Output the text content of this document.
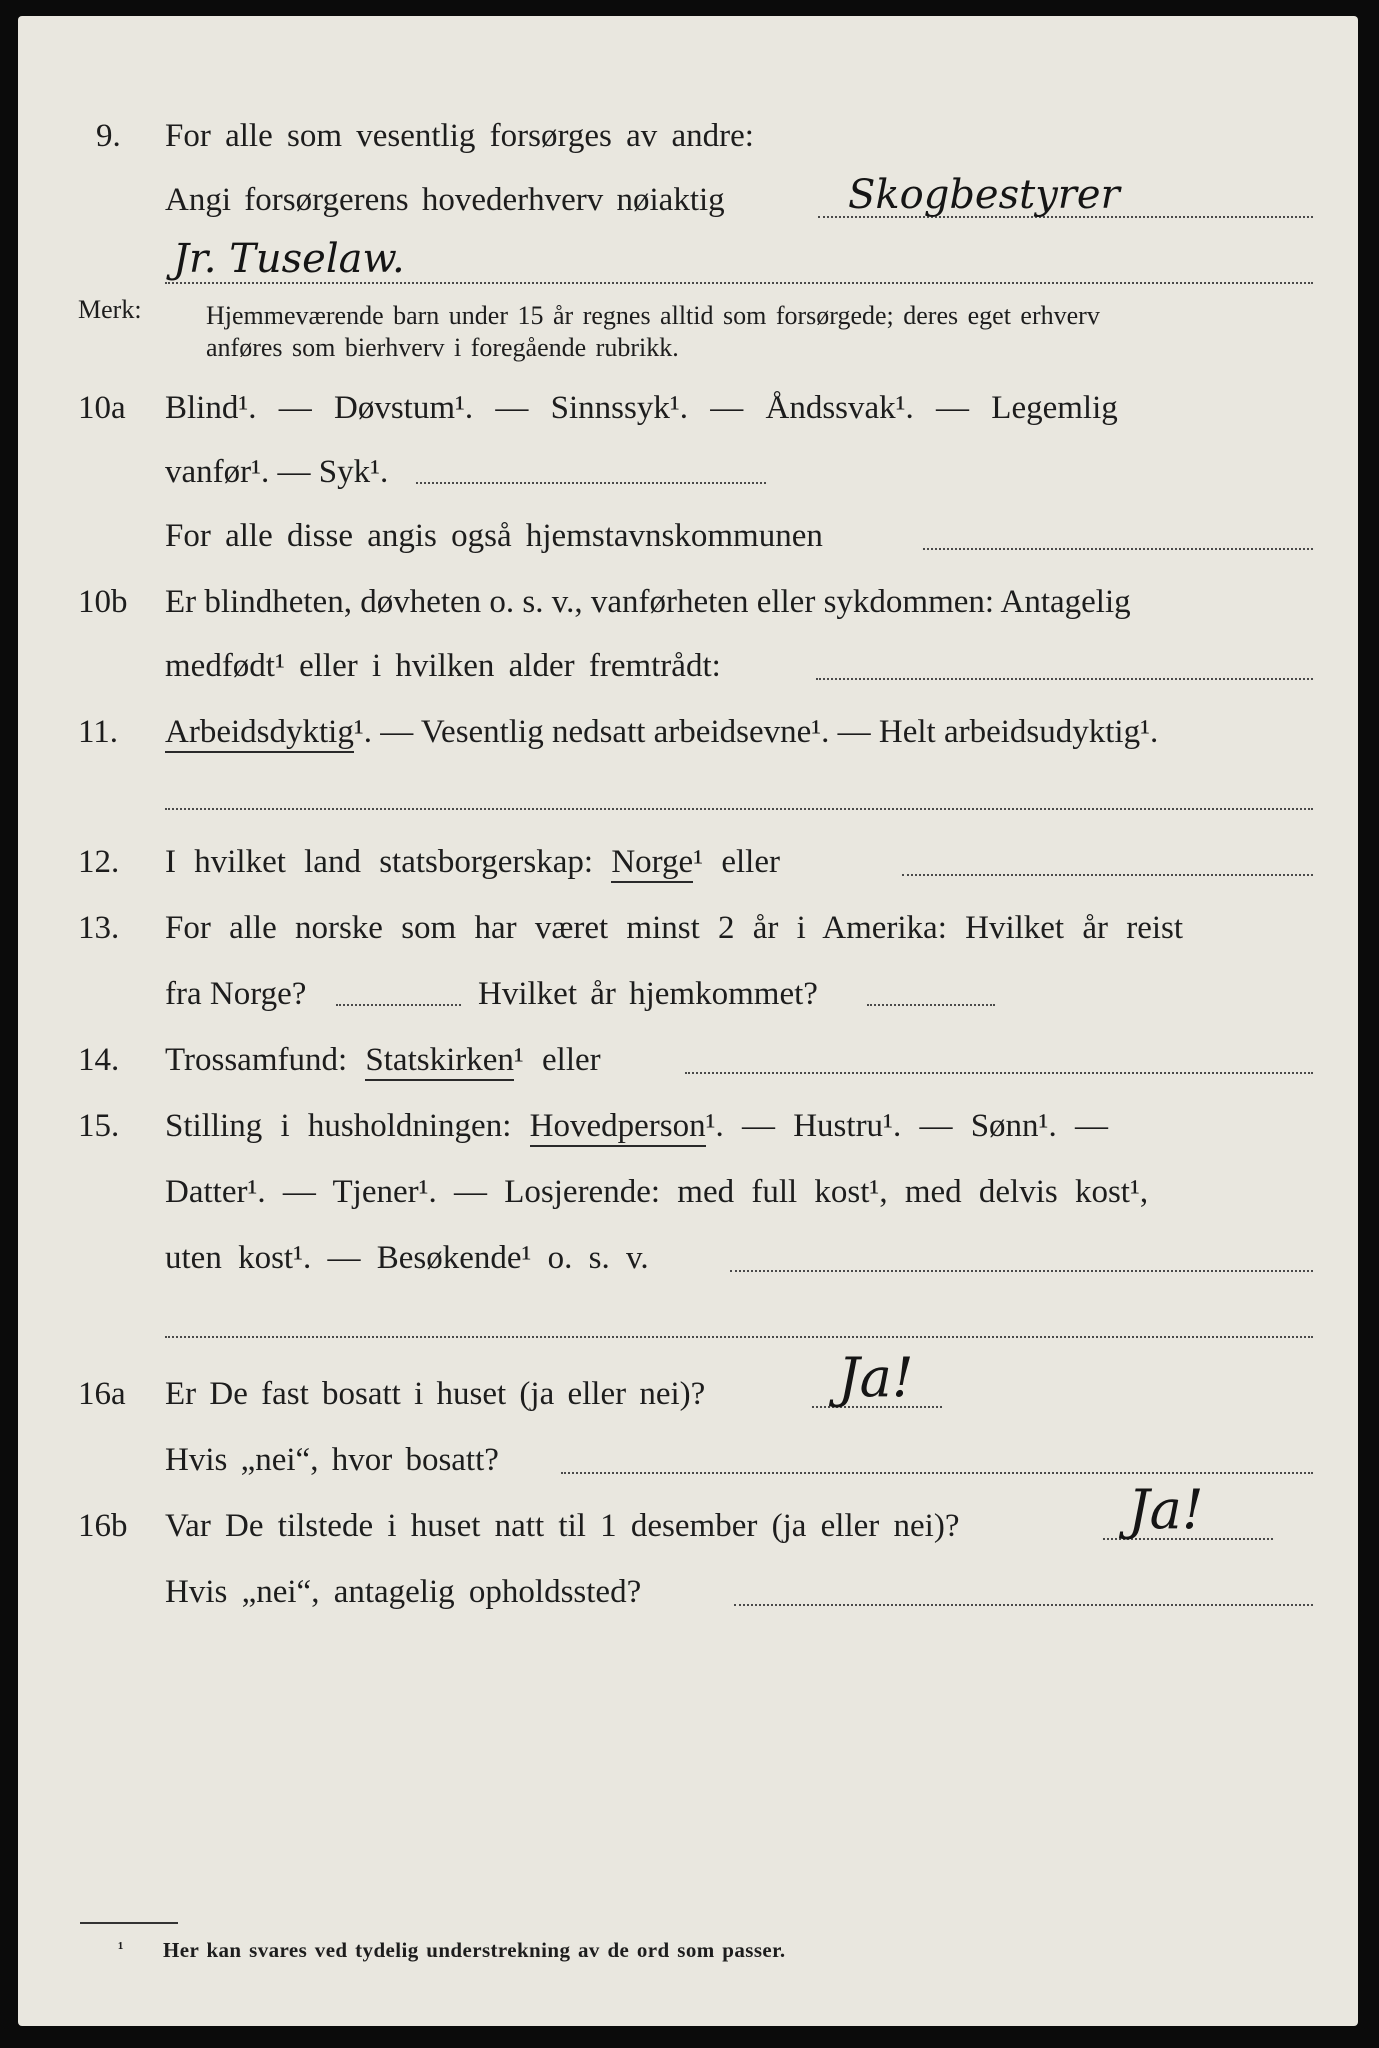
9. For alle som vesentlig forsørges av andre:
Angi forsørgerens hovederhverv nøiaktig	Skogbestyrer
Jr. Tuselaw.
Merk: Hjemmeværende barn under 15 år regnes alltid som forsørgede; deres eget erhverv
anføres som bierhverv i foregående rubrikk.
10a Blind¹. — Døvstum¹. — Sinnssyk¹. — Åndssvak¹. — Legemlig
vanfør¹. — Syk¹.
For alle disse angis også hjemstavnskommunen
10b Er blindheten, døvheten o. s. v., vanførheten eller sykdommen: Antagelig
medfødt¹ eller i hvilken alder fremtrådt:
11. Arbeidsdyktig¹. — Vesentlig nedsatt arbeidsevne¹. — Helt arbeidsudyktig¹.
12. I hvilket land statsborgerskap: Norge¹ eller
13. For alle norske som har været minst 2 år i Amerika: Hvilket år reist
fra Norge?	Hvilket år hjemkommet?
14. Trossamfund: Statskirken¹ eller
15. Stilling i husholdningen: Hovedperson¹. — Hustru¹. — Sønn¹. —
Datter¹. — Tjener¹. — Losjerende: med full kost¹, med delvis kost¹,
uten kost¹. — Besøkende¹ o. s. v.
16a Er De fast bosatt i huset (ja eller nei)? Ja!
Hvis „nei“, hvor bosatt?
16b Var De tilstede i huset natt til 1 desember (ja eller nei)?	Ja!
Hvis „nei“, antagelig opholdssted?
¹ Her kan svares ved tydelig understrekning av de ord som passer.
